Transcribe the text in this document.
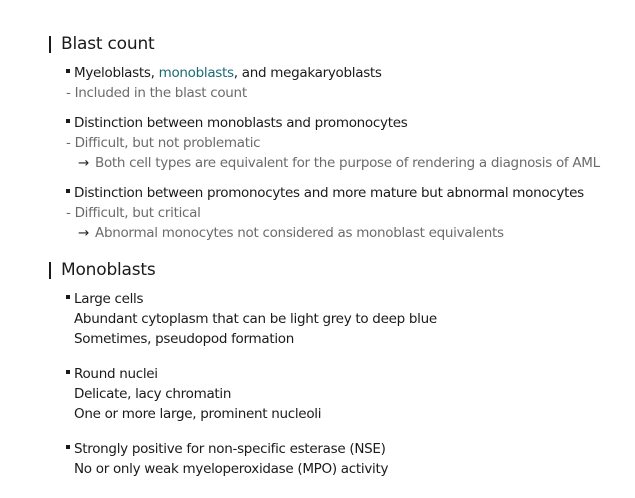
Blast count
Myeloblasts, monoblasts, and megakaryoblasts
- Included in the blast count
Distinction between monoblasts and promonocytes
- Difficult, but not problematic
→ Both cell types are equivalent for the purpose of rendering a diagnosis of AML
Distinction between promonocytes and more mature but abnormal monocytes
- Difficult, but critical
→ Abnormal monocytes not considered as monoblast equivalents
Monoblasts
Large cells
Abundant cytoplasm that can be light grey to deep blue
Sometimes, pseudopod formation
Round nuclei
Delicate, lacy chromatin
One or more large, prominent nucleoli
Strongly positive for non-specific esterase (NSE)
No or only weak myeloperoxidase (MPO) activity
